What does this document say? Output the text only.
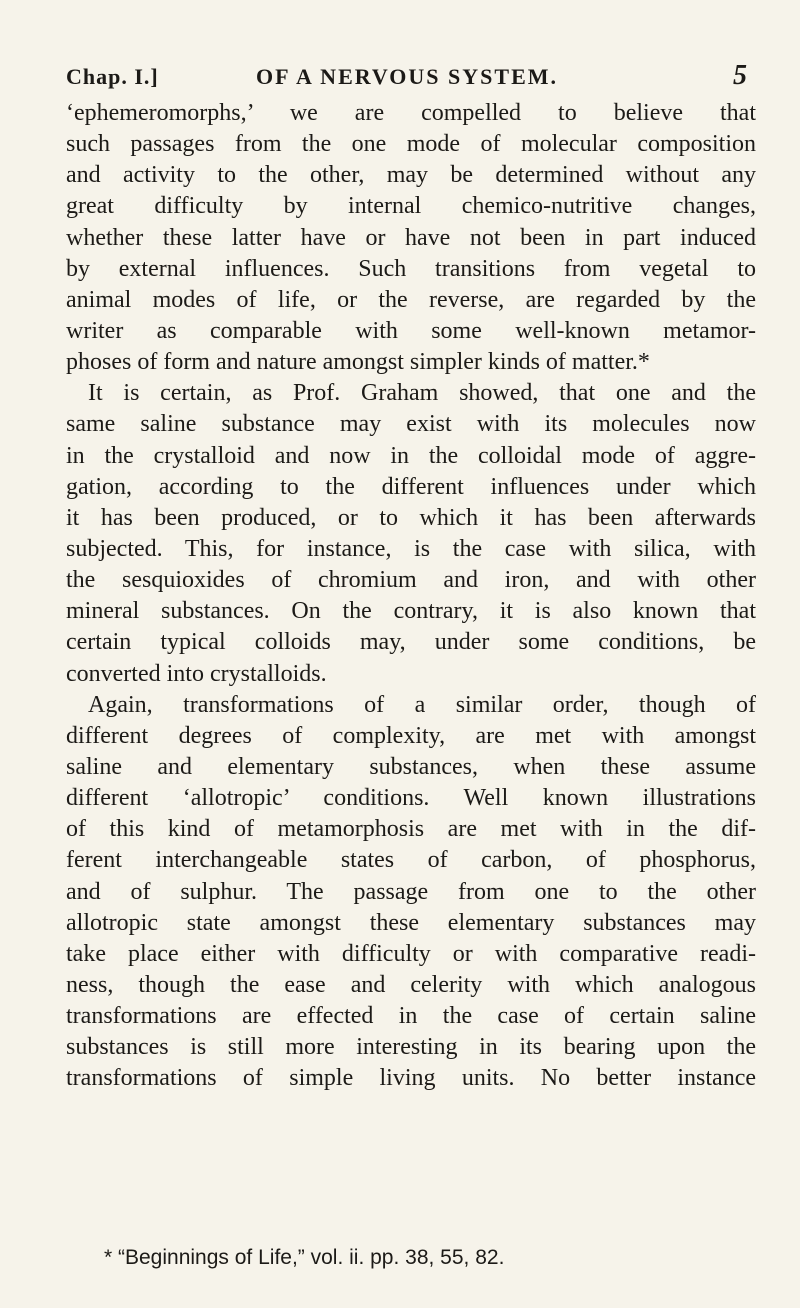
Chap. I.]	OF A NERVOUS SYSTEM.	5
‘ephemeromorphs,’ we are compelled to believe that
such passages from the one mode of molecular composition
and activity to the other, may be determined without any
great difficulty by internal chemico-nutritive changes,
whether these latter have or have not been in part induced
by external influences. Such transitions from vegetal to
animal modes of life, or the reverse, are regarded by the
writer as comparable with some well-known metamor-
phoses of form and nature amongst simpler kinds of matter.*
It is certain, as Prof. Graham showed, that one and the
same saline substance may exist with its molecules now
in the crystalloid and now in the colloidal mode of aggre-
gation, according to the different influences under which
it has been produced, or to which it has been afterwards
subjected. This, for instance, is the case with silica, with
the sesquioxides of chromium and iron, and with other
mineral substances. On the contrary, it is also known that
certain typical colloids may, under some conditions, be
converted into crystalloids.
Again, transformations of a similar order, though of
different degrees of complexity, are met with amongst
saline and elementary substances, when these assume
different ‘allotropic’ conditions. Well known illustrations
of this kind of metamorphosis are met with in the dif-
ferent interchangeable states of carbon, of phosphorus,
and of sulphur. The passage from one to the other
allotropic state amongst these elementary substances may
take place either with difficulty or with comparative readi-
ness, though the ease and celerity with which analogous
transformations are effected in the case of certain saline
substances is still more interesting in its bearing upon the
transformations of simple living units. No better instance
* “Beginnings of Life,” vol. ii. pp. 38, 55, 82.
